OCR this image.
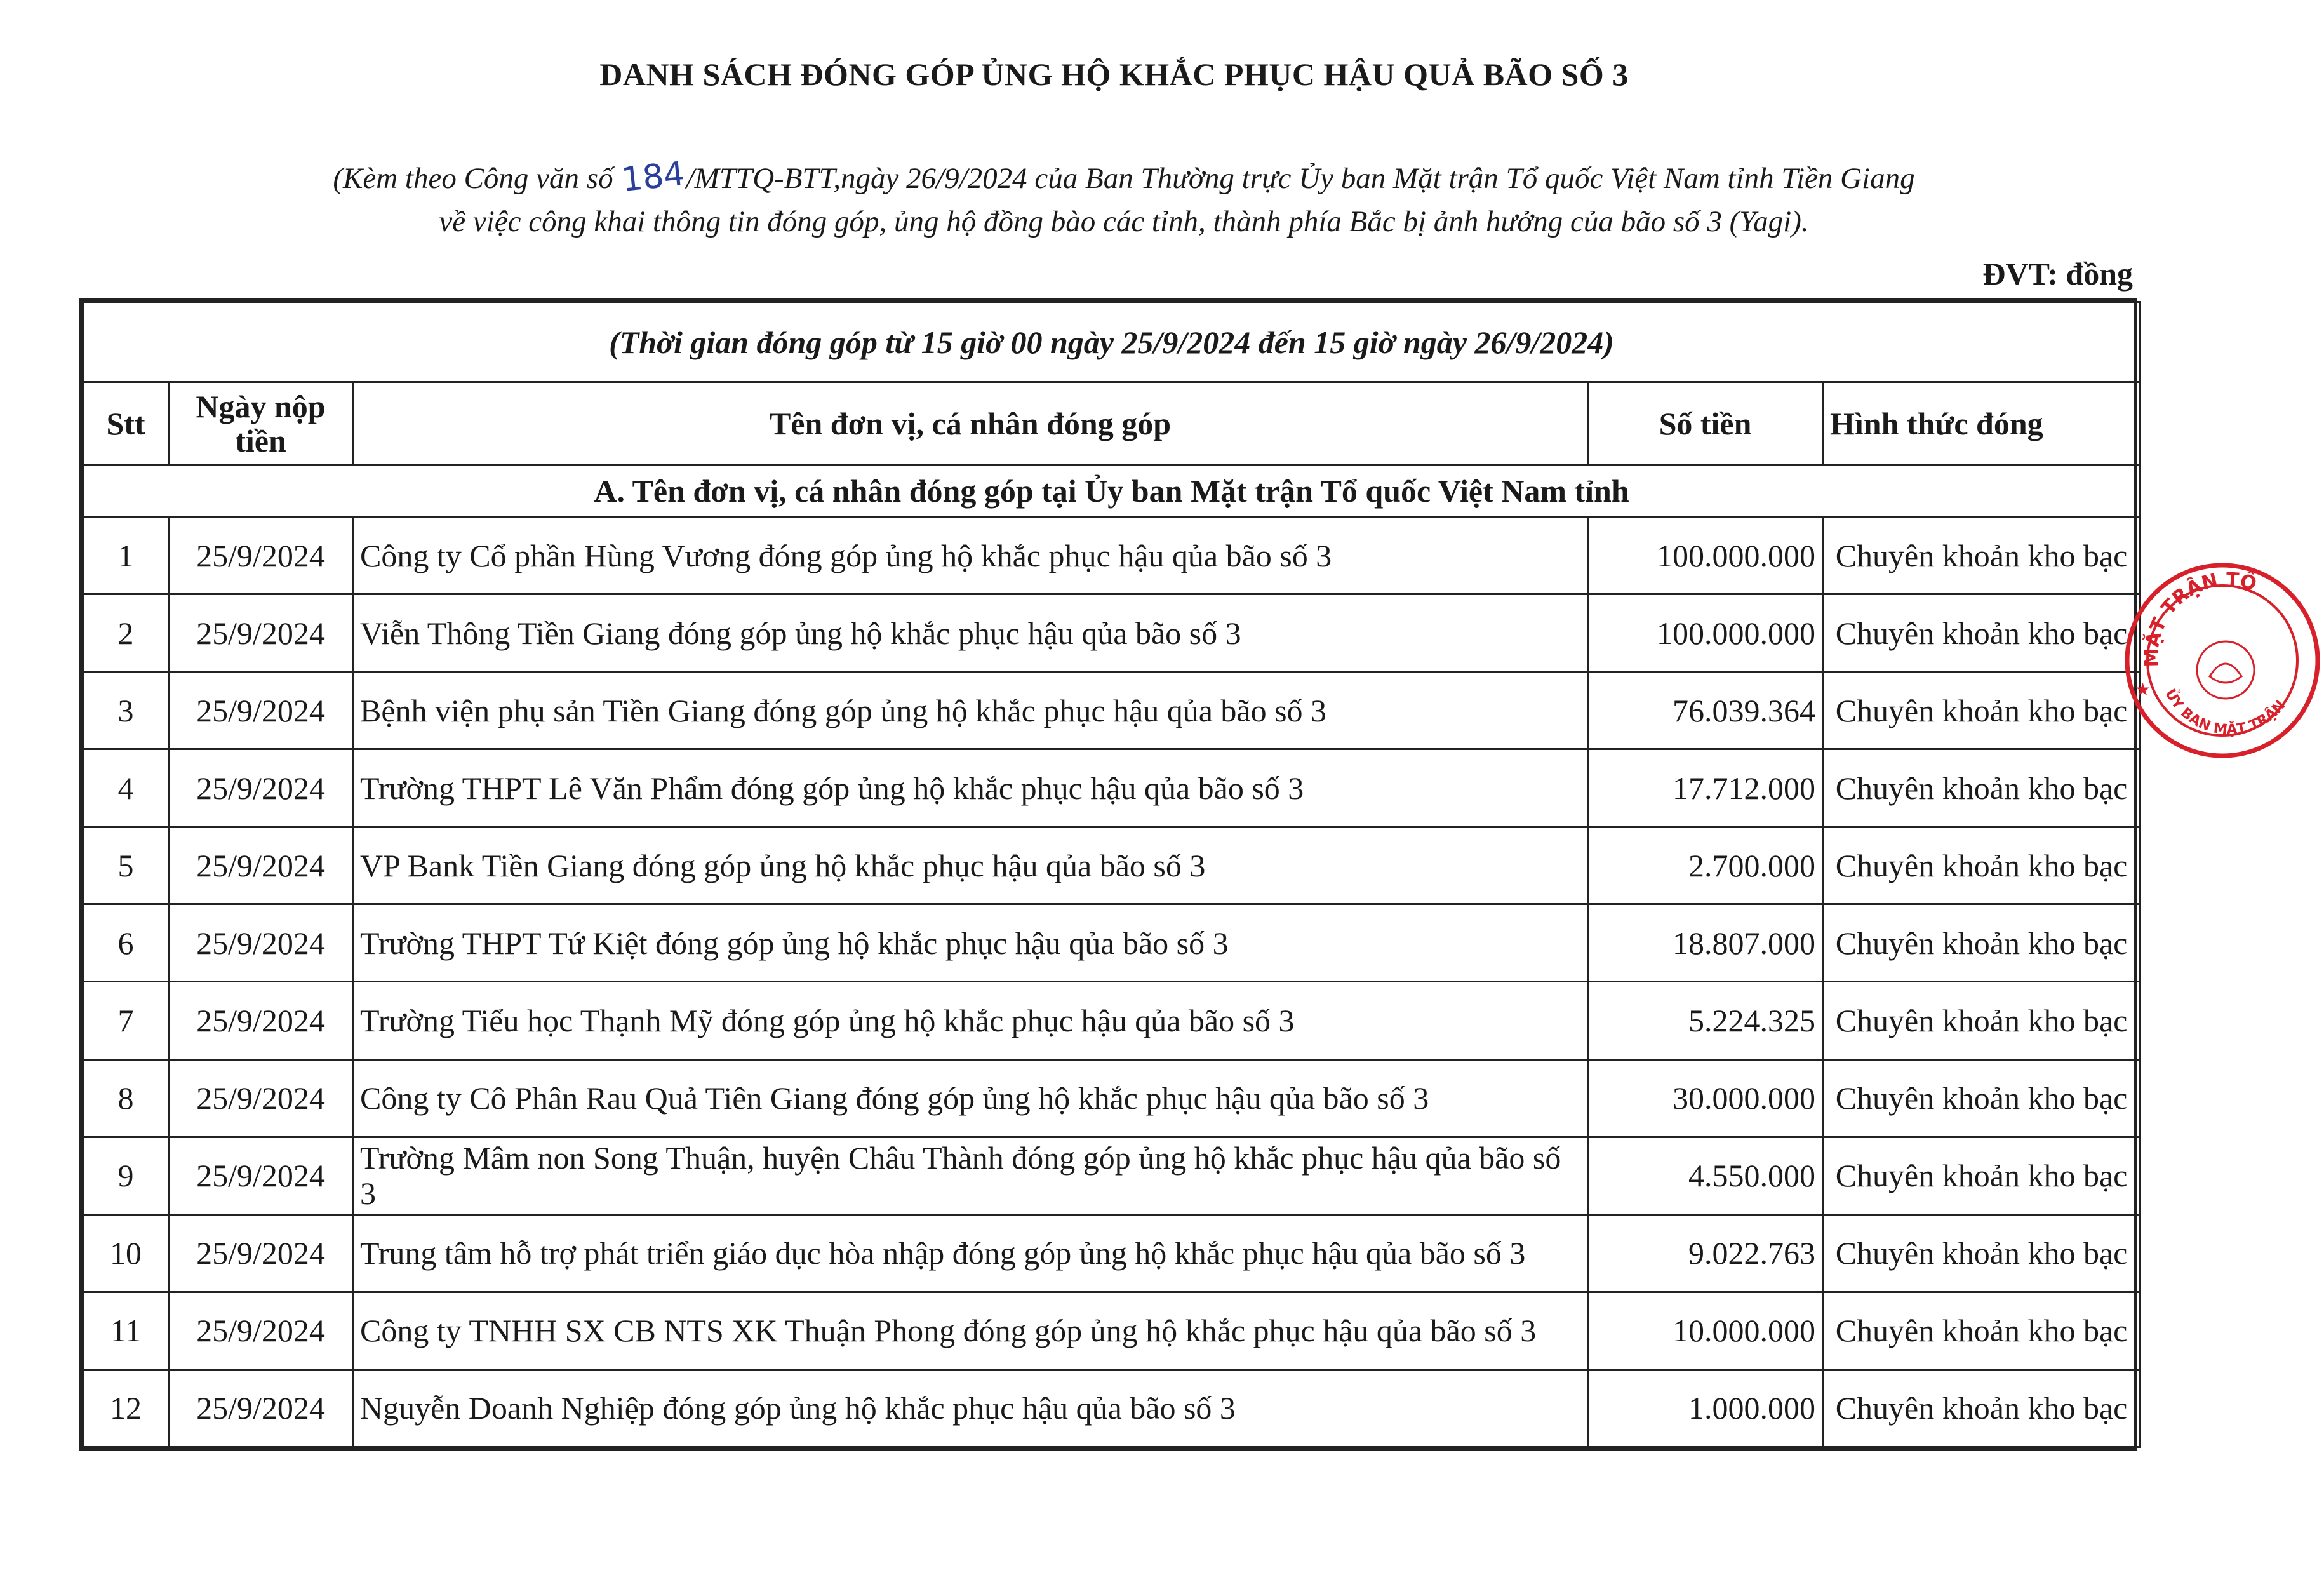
DANH SÁCH ĐÓNG GÓP ỦNG HỘ KHẮC PHỤC HẬU QUẢ BÃO SỐ 3
(Kèm theo Công văn số 184/MTTQ-BTT,ngày 26/9/2024 của Ban Thường trực Ủy ban Mặt trận Tổ quốc Việt Nam tỉnh Tiền Giang
về việc công khai thông tin đóng góp, ủng hộ đồng bào các tỉnh, thành phía Bắc bị ảnh hưởng của bão số 3 (Yagi).
ĐVT: đồng
(Thời gian đóng góp từ 15 giờ 00 ngày 25/9/2024 đến 15 giờ ngày 26/9/2024)				
Stt	Ngày nộp tiền	Tên đơn vị, cá nhân đóng góp	Số tiền	Hình thức đóng
A. Tên đơn vị, cá nhân đóng góp tại Ủy ban Mặt trận Tổ quốc Việt Nam tỉnh				
1	25/9/2024	Công ty Cổ phần Hùng Vương đóng góp ủng hộ khắc phục hậu qủa bão số 3	100.000.000	Chuyên khoản kho bạc
2	25/9/2024	Viễn Thông Tiền Giang đóng góp ủng hộ khắc phục hậu qủa bão số 3	100.000.000	Chuyên khoản kho bạc
3	25/9/2024	Bệnh viện phụ sản Tiền Giang đóng góp ủng hộ khắc phục hậu qủa bão số 3	76.039.364	Chuyên khoản kho bạc
4	25/9/2024	Trường THPT Lê Văn Phẩm đóng góp ủng hộ khắc phục hậu qủa bão số 3	17.712.000	Chuyên khoản kho bạc
5	25/9/2024	VP Bank Tiền Giang đóng góp ủng hộ khắc phục hậu qủa bão số 3	2.700.000	Chuyên khoản kho bạc
6	25/9/2024	Trường THPT Tứ Kiệt đóng góp ủng hộ khắc phục hậu qủa bão số 3	18.807.000	Chuyên khoản kho bạc
7	25/9/2024	Trường Tiểu học Thạnh Mỹ đóng góp ủng hộ khắc phục hậu qủa bão số 3	5.224.325	Chuyên khoản kho bạc
8	25/9/2024	Công ty Cô Phân Rau Quả Tiên Giang đóng góp ủng hộ khắc phục hậu qủa bão số 3	30.000.000	Chuyên khoản kho bạc
9	25/9/2024	Trường Mâm non Song Thuận, huyện Châu Thành đóng góp ủng hộ khắc phục hậu qủa bão số 3	4.550.000	Chuyên khoản kho bạc
10	25/9/2024	Trung tâm hỗ trợ phát triển giáo dục hòa nhập đóng góp ủng hộ khắc phục hậu qủa bão số 3	9.022.763	Chuyên khoản kho bạc
11	25/9/2024	Công ty TNHH SX CB NTS XK Thuận Phong đóng góp ủng hộ khắc phục hậu qủa bão số 3	10.000.000	Chuyên khoản kho bạc
12	25/9/2024	Nguyễn Doanh Nghiệp đóng góp ủng hộ khắc phục hậu qủa bão số 3	1.000.000	Chuyên khoản kho bạc
MẶT TRẬN TỔ
ỦY BAN MẶT TRẬN
★
